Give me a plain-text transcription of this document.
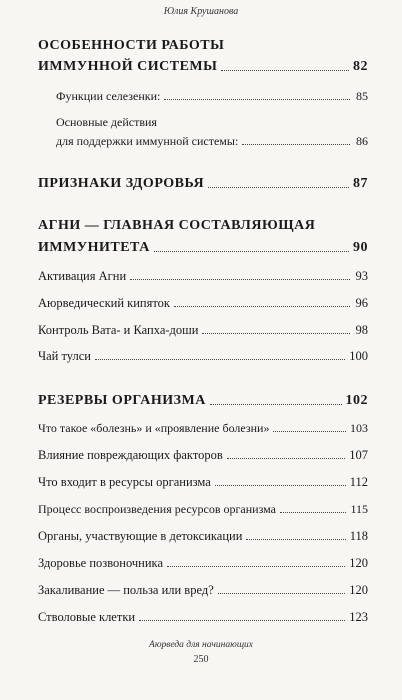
Юлия Крушанова
ОСОБЕННОСТИ РАБОТЫ
ИММУННОЙ СИСТЕМЫ	82
Функции селезенки:	85
Основные действия
для поддержки иммунной системы:	86
ПРИЗНАКИ ЗДОРОВЬЯ	87
АГНИ — ГЛАВНАЯ СОСТАВЛЯЮЩАЯ
ИММУНИТЕТА	90
Активация Агни	93
Аюрведический кипяток	96
Контроль Вата- и Капха-доши	98
Чай тулси	100
РЕЗЕРВЫ ОРГАНИЗМА	102
Что такое «болезнь» и «проявление болезни»	103
Влияние повреждающих факторов	107
Что входит в ресурсы организма	112
Процесс воспроизведения ресурсов организма	115
Органы, участвующие в детоксикации	118
Здоровье позвоночника	120
Закаливание — польза или вред?	120
Стволовые клетки	123
Аюрведа для начинающих
250
